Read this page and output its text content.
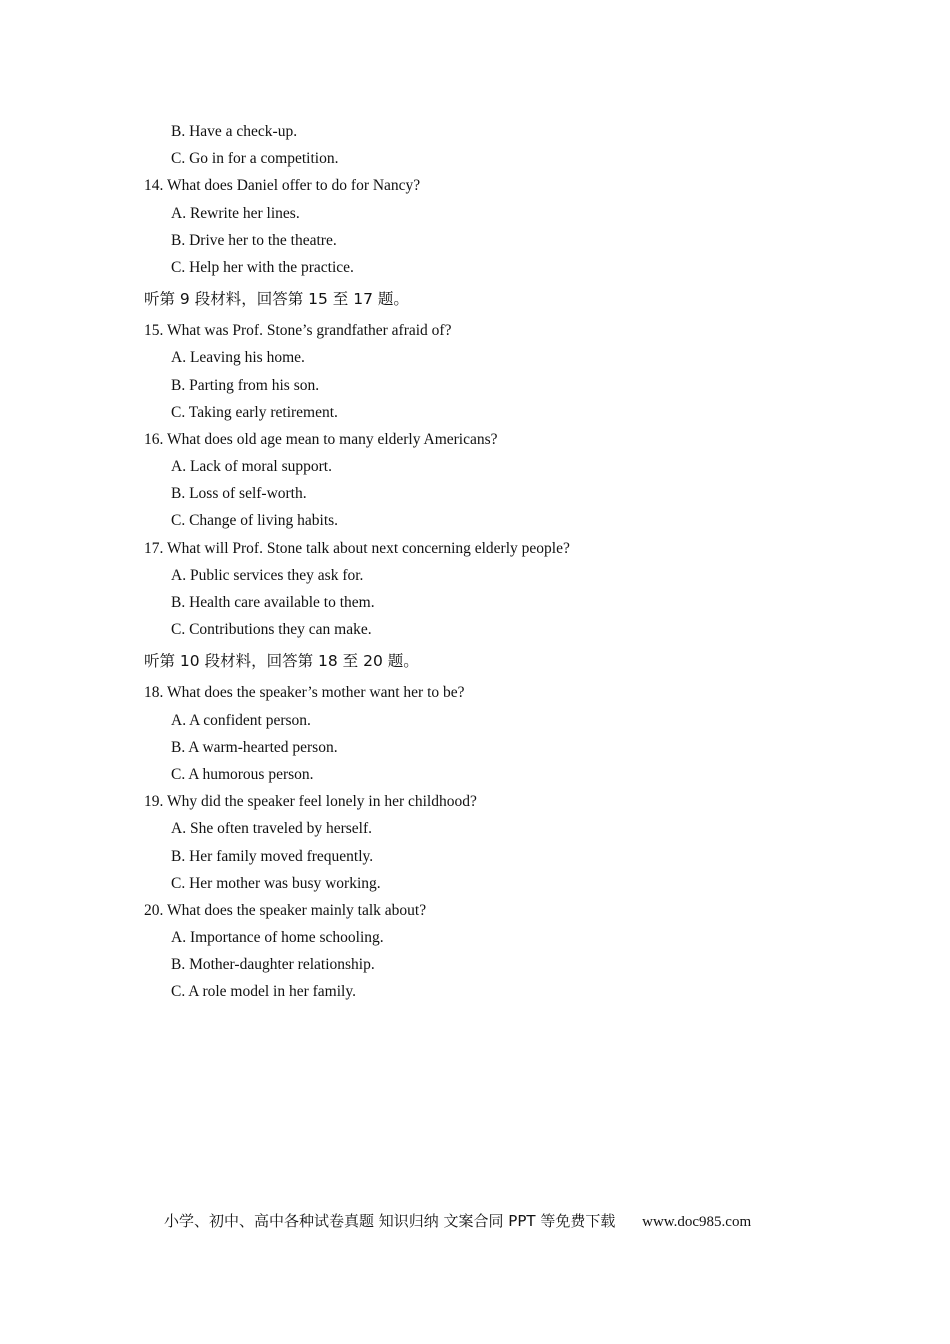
B. Have a check-up.
C. Go in for a competition.
14. What does Daniel offer to do for Nancy?
A. Rewrite her lines.
B. Drive her to the theatre.
C. Help her with the practice.
听第 9 段材料，回答第 15 至 17 题。
15. What was Prof. Stone’s grandfather afraid of?
A. Leaving his home.
B. Parting from his son.
C. Taking early retirement.
16. What does old age mean to many elderly Americans?
A. Lack of moral support.
B. Loss of self-worth.
C. Change of living habits.
17. What will Prof. Stone talk about next concerning elderly people?
A. Public services they ask for.
B. Health care available to them.
C. Contributions they can make.
听第 10 段材料，回答第 18 至 20 题。
18. What does the speaker’s mother want her to be?
A. A confident person.
B. A warm-hearted person.
C. A humorous person.
19. Why did the speaker feel lonely in her childhood?
A. She often traveled by herself.
B. Her family moved frequently.
C. Her mother was busy working.
20. What does the speaker mainly talk about?
A. Importance of home schooling.
B. Mother-daughter relationship.
C. A role model in her family.
小学、初中、高中各种试卷真题 知识归纳 文案合同 PPT 等免费下载 www.doc985.com
